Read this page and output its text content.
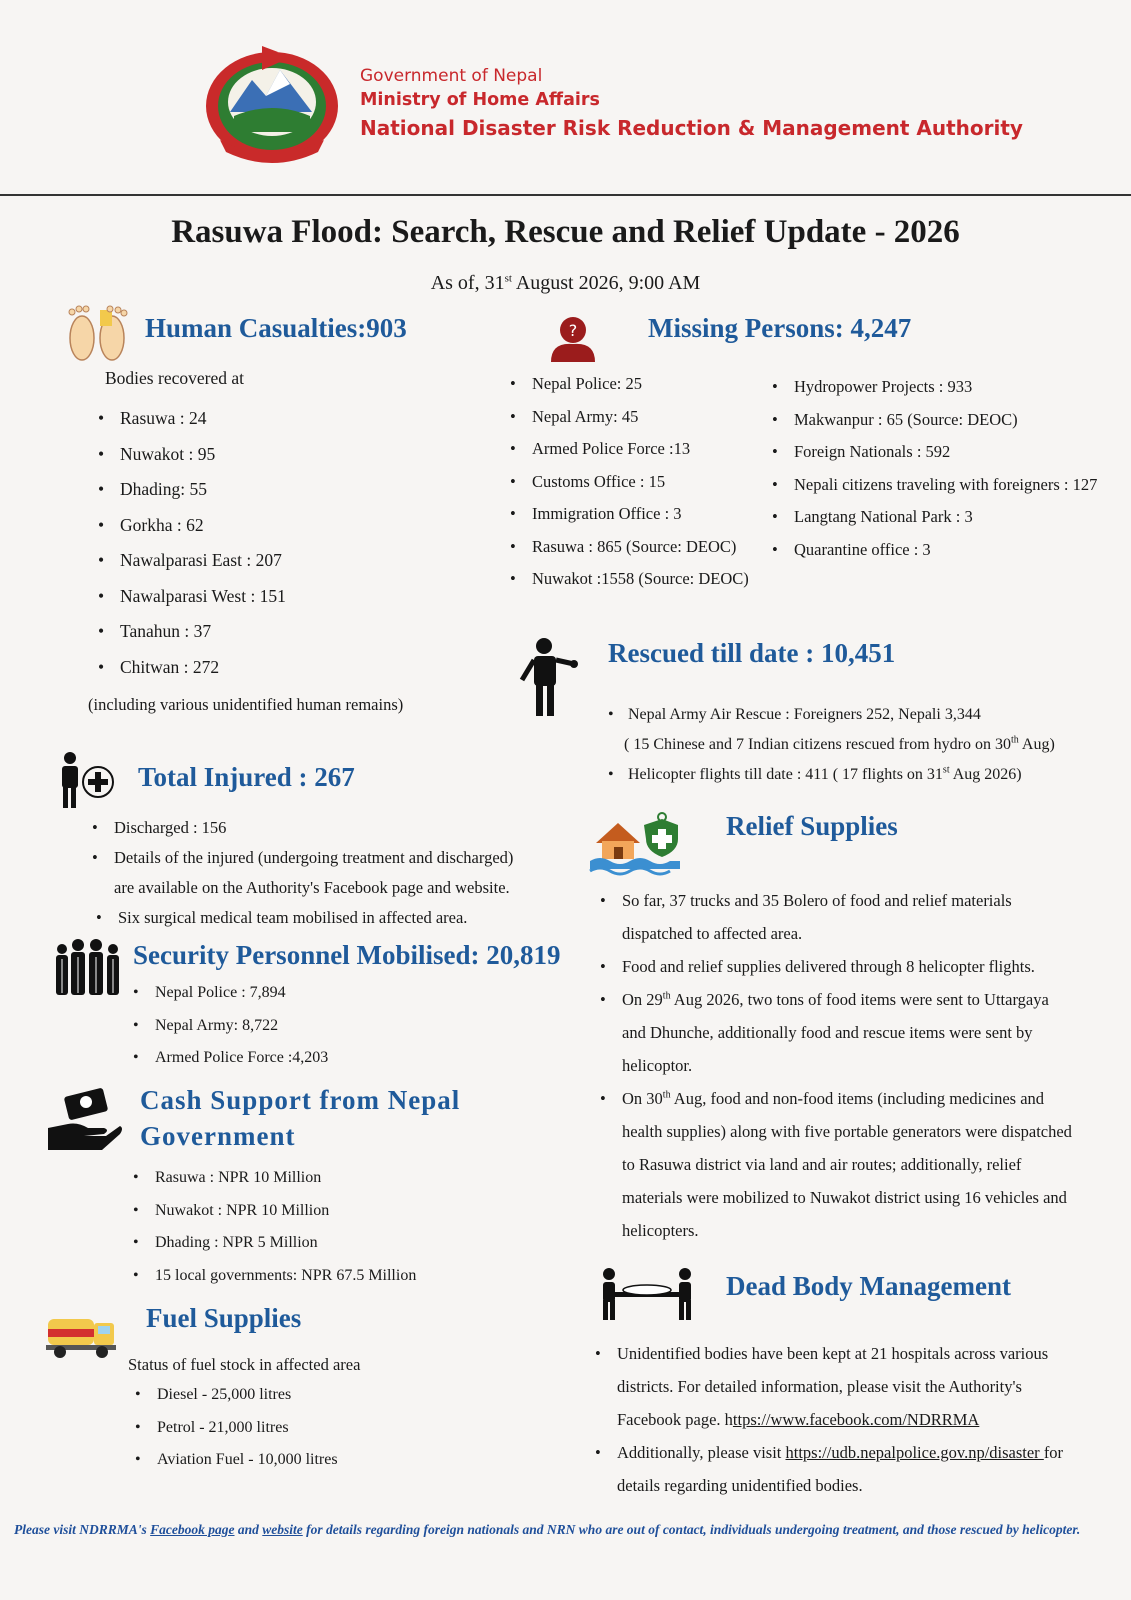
Government of Nepal
Ministry of Home Affairs
National Disaster Risk Reduction & Management Authority
Rasuwa Flood: Search, Rescue and Relief Update - 2026
As of, 31st August 2026, 9:00 AM
Human Casualties:903
Bodies recovered at
• Rasuwa : 24
• Nuwakot : 95
• Dhading: 55
• Gorkha : 62
• Nawalparasi East : 207
• Nawalparasi West : 151
• Tanahun : 37
• Chitwan : 272
(including various unidentified human remains)
?	Missing Persons: 4,247
• Nepal Police: 25
• Nepal Army: 45
• Armed Police Force :13
• Customs Office : 15
• Immigration Office : 3
• Rasuwa : 865 (Source: DEOC)
• Nuwakot :1558 (Source: DEOC)
• Hydropower Projects : 933
• Makwanpur : 65 (Source: DEOC)
• Foreign Nationals : 592
• Nepali citizens traveling with foreigners : 127
• Langtang National Park : 3
• Quarantine office : 3
Rescued till date : 10,451
• Nepal Army Air Rescue : Foreigners 252, Nepali 3,344
( 15 Chinese and 7 Indian citizens rescued from hydro on 30th Aug)
• Helicopter flights till date : 411 ( 17 flights on 31st Aug 2026)
Total Injured : 267
• Discharged : 156
• Details of the injured (undergoing treatment and discharged)
are available on the Authority's Facebook page and website.
• Six surgical medical team mobilised in affected area.
Security Personnel Mobilised: 20,819
• Nepal Police : 7,894
• Nepal Army: 8,722
• Armed Police Force :4,203
Cash Support from Nepal
Government
• Rasuwa : NPR 10 Million
• Nuwakot : NPR 10 Million
• Dhading : NPR 5 Million
• 15 local governments: NPR 67.5 Million
Fuel Supplies
Status of fuel stock in affected area
• Diesel - 25,000 litres
• Petrol - 21,000 litres
• Aviation Fuel - 10,000 litres
Relief Supplies
• So far, 37 trucks and 35 Bolero of food and relief materials
dispatched to affected area.
• Food and relief supplies delivered through 8 helicopter flights.
• On 29th Aug 2026, two tons of food items were sent to Uttargaya
and Dhunche, additionally food and rescue items were sent by
helicoptor.
• On 30th Aug, food and non-food items (including medicines and
health supplies) along with five portable generators were dispatched
to Rasuwa district via land and air routes; additionally, relief
materials were mobilized to Nuwakot district using 16 vehicles and
helicopters.
Dead Body Management
• Unidentified bodies have been kept at 21 hospitals across various
districts. For detailed information, please visit the Authority's
Facebook page. https://www.facebook.com/NDRRMA
• Additionally, please visit https://udb.nepalpolice.gov.np/disaster for
details regarding unidentified bodies.
Please visit NDRRMA's Facebook page and website for details regarding foreign nationals and NRN who are out of contact, individuals undergoing treatment, and those rescued by helicopter.
